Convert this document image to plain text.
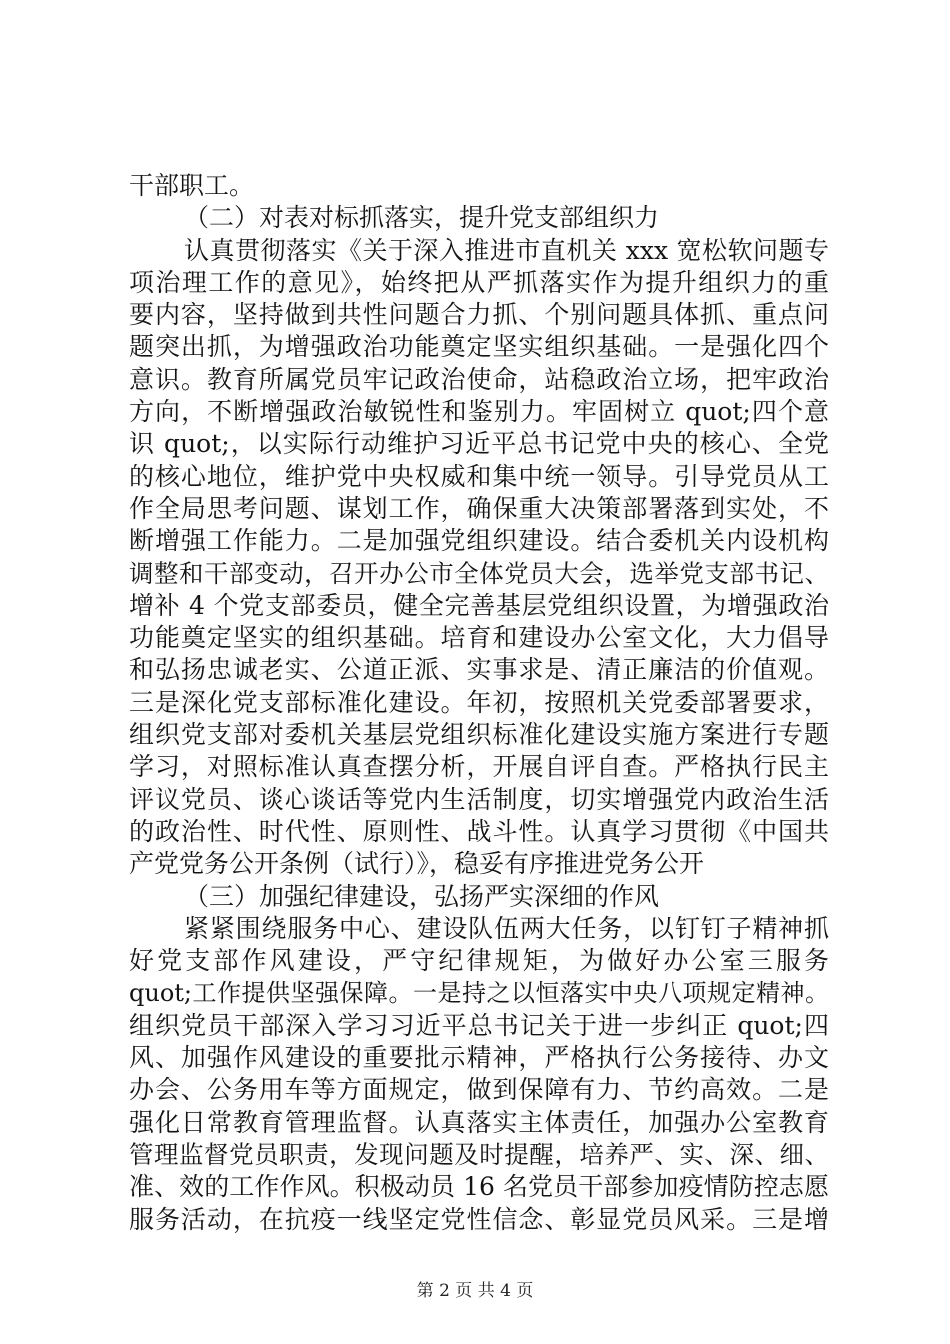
干部职工。
（二）对表对标抓落实，提升党支部组织力
认真贯彻落实《关于深入推进市直机关 xxx 宽松软问题专
项治理工作的意见》，始终把从严抓落实作为提升组织力的重
要内容，坚持做到共性问题合力抓、个别问题具体抓、重点问
题突出抓，为增强政治功能奠定坚实组织基础。一是强化四个
意识。教育所属党员牢记政治使命，站稳政治立场，把牢政治
方向，不断增强政治敏锐性和鉴别力。牢固树立 quot;四个意
识 quot;，以实际行动维护习近平总书记党中央的核心、全党
的核心地位，维护党中央权威和集中统一领导。引导党员从工
作全局思考问题、谋划工作，确保重大决策部署落到实处，不
断增强工作能力。二是加强党组织建设。结合委机关内设机构
调整和干部变动，召开办公市全体党员大会，选举党支部书记、
增补 4 个党支部委员，健全完善基层党组织设置，为增强政治
功能奠定坚实的组织基础。培育和建设办公室文化，大力倡导
和弘扬忠诚老实、公道正派、实事求是、清正廉洁的价值观。
三是深化党支部标准化建设。年初，按照机关党委部署要求，
组织党支部对委机关基层党组织标准化建设实施方案进行专题
学习，对照标准认真查摆分析，开展自评自查。严格执行民主
评议党员、谈心谈话等党内生活制度，切实增强党内政治生活
的政治性、时代性、原则性、战斗性。认真学习贯彻《中国共
产党党务公开条例（试行）》，稳妥有序推进党务公开
（三）加强纪律建设，弘扬严实深细的作风
紧紧围绕服务中心、建设队伍两大任务，以钉钉子精神抓
好党支部作风建设，严守纪律规矩，为做好办公室三服务
quot;工作提供坚强保障。一是持之以恒落实中央八项规定精神。
组织党员干部深入学习习近平总书记关于进一步纠正 quot;四
风、加强作风建设的重要批示精神，严格执行公务接待、办文
办会、公务用车等方面规定，做到保障有力、节约高效。二是
强化日常教育管理监督。认真落实主体责任，加强办公室教育
管理监督党员职责，发现问题及时提醒，培养严、实、深、细、
准、效的工作作风。积极动员 16 名党员干部参加疫情防控志愿
服务活动，在抗疫一线坚定党性信念、彰显党员风采。三是增
第 2 页 共 4 页
